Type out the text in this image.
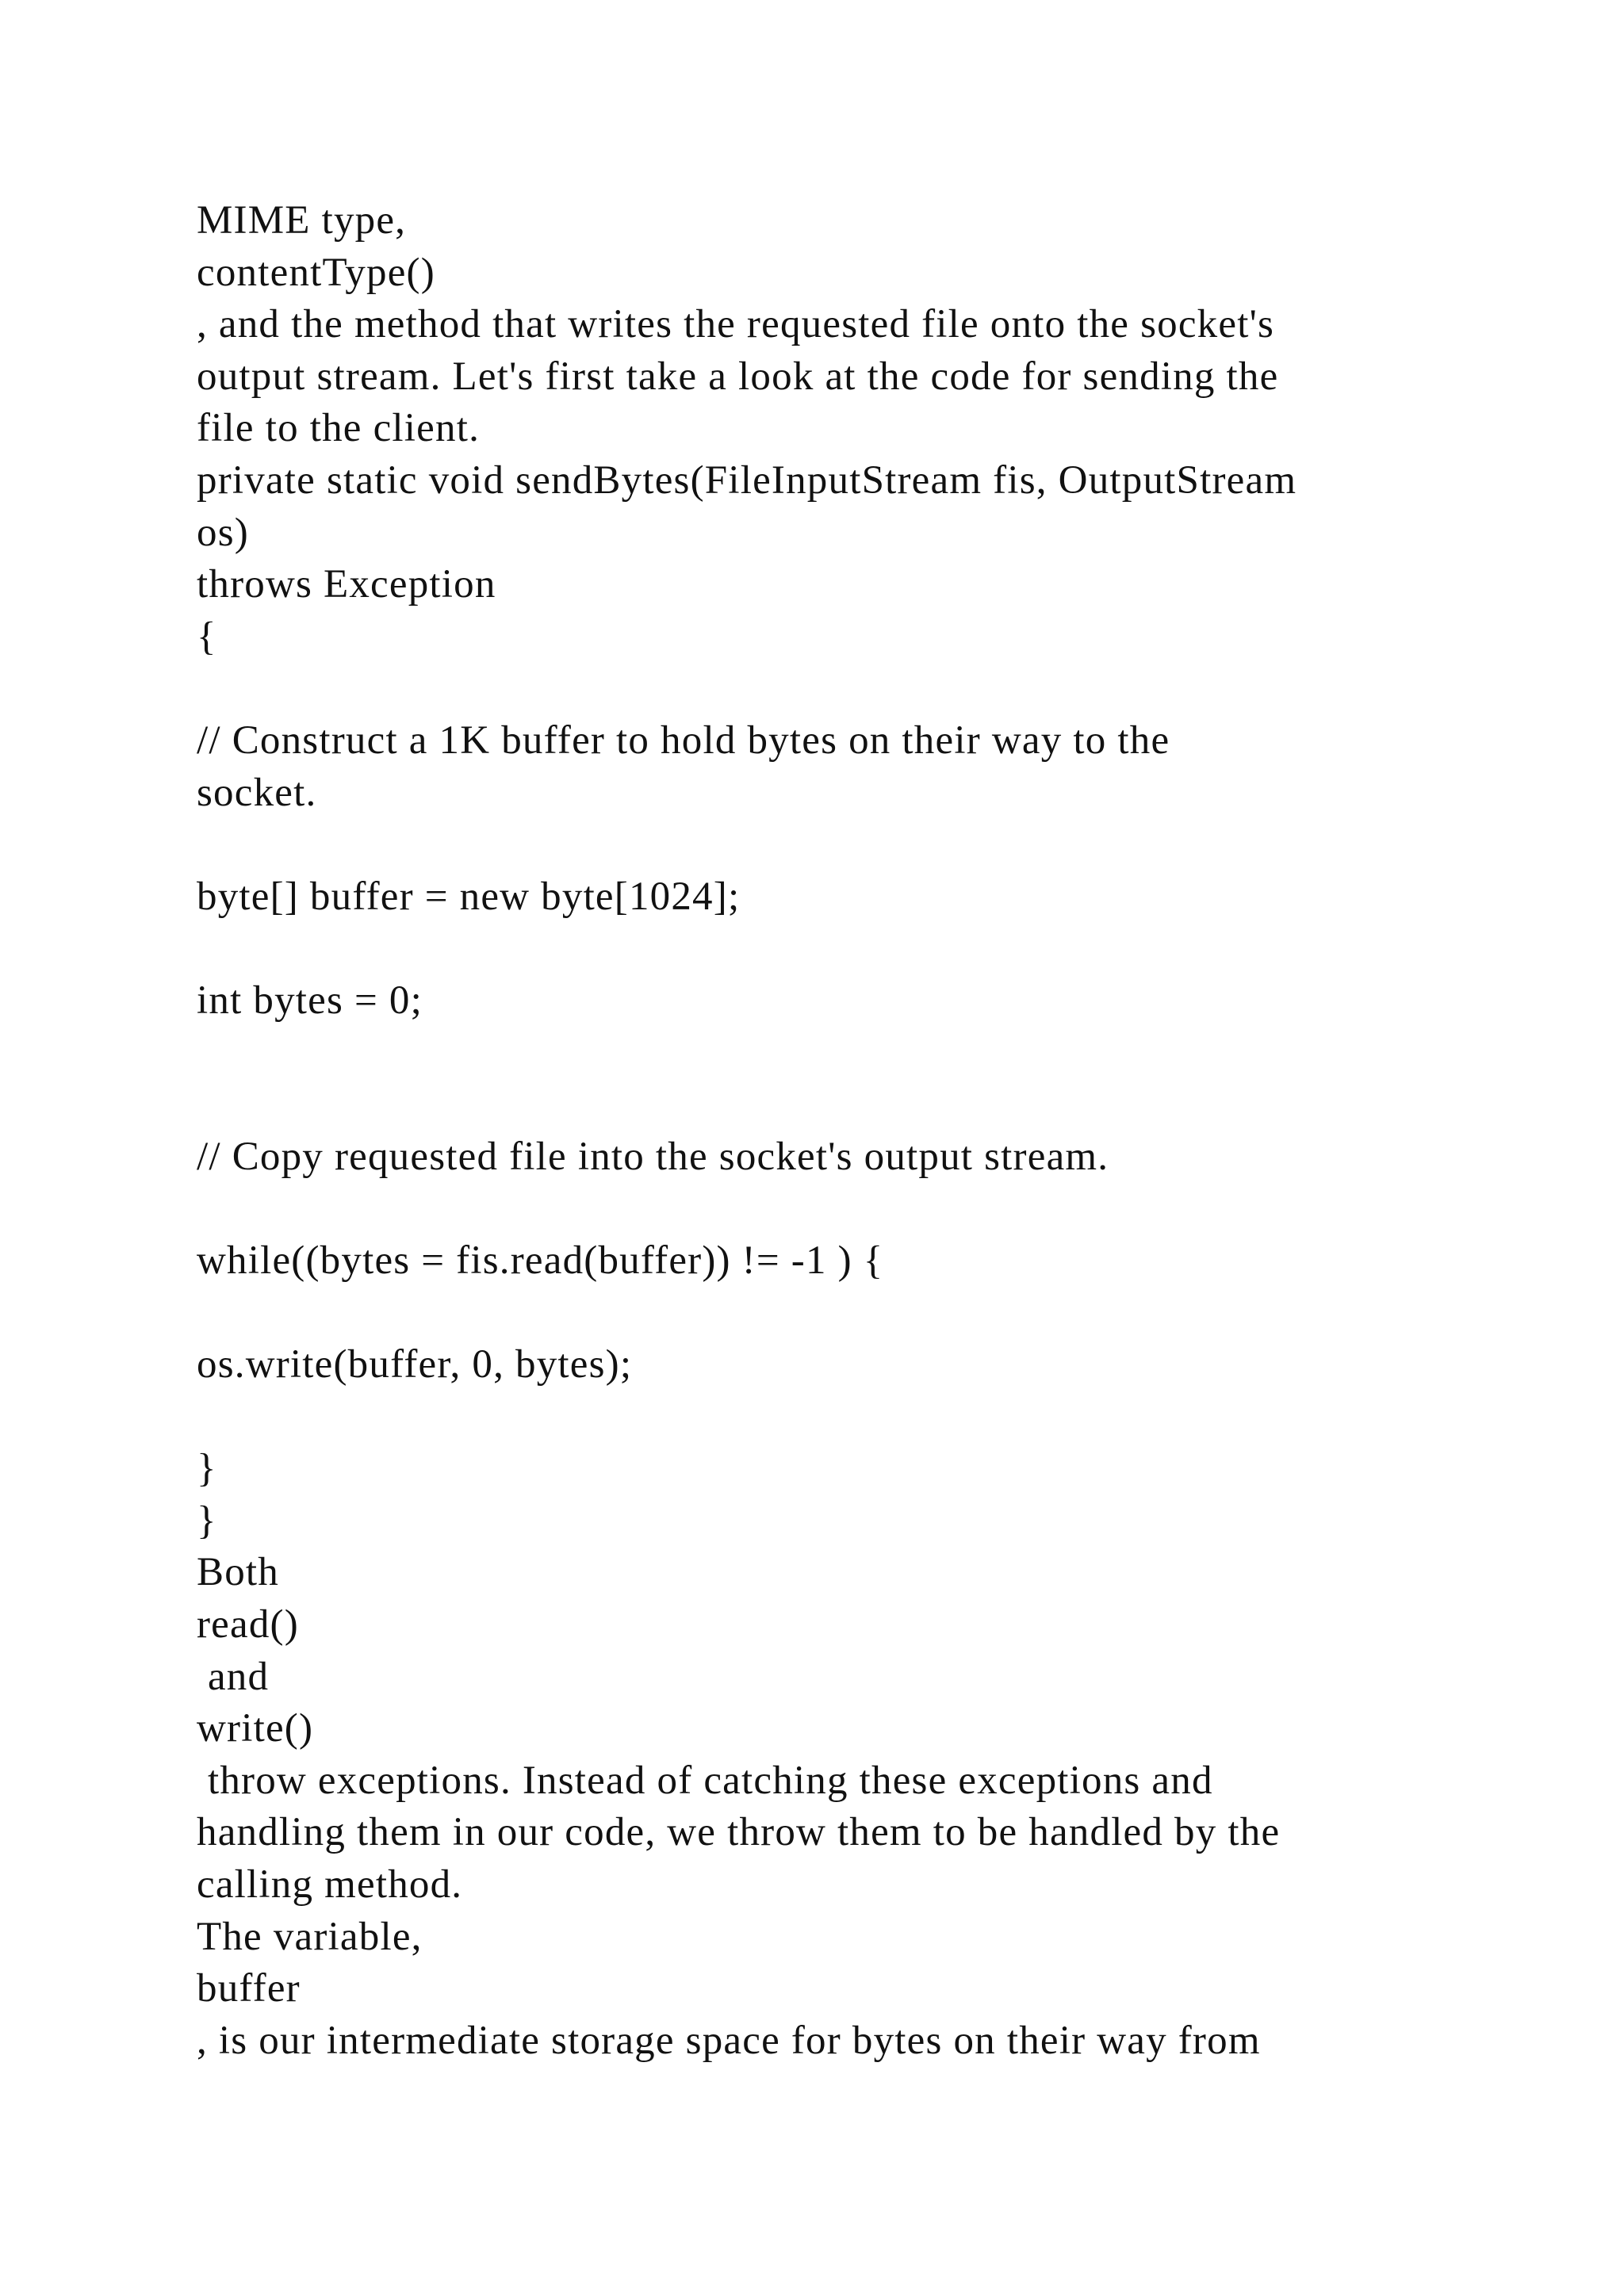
MIME type,
contentType()
, and the method that writes the requested file onto the socket's
output stream. Let's first take a look at the code for sending the
file to the client.
private static void sendBytes(FileInputStream fis, OutputStream
os)
throws Exception
{
// Construct a 1K buffer to hold bytes on their way to the
socket.
byte[] buffer = new byte[1024];
int bytes = 0;
// Copy requested file into the socket's output stream.
while((bytes = fis.read(buffer)) != -1 ) {
os.write(buffer, 0, bytes);
}
}
Both
read()
and
write()
throw exceptions. Instead of catching these exceptions and
handling them in our code, we throw them to be handled by the
calling method.
The variable,
buffer
, is our intermediate storage space for bytes on their way from
